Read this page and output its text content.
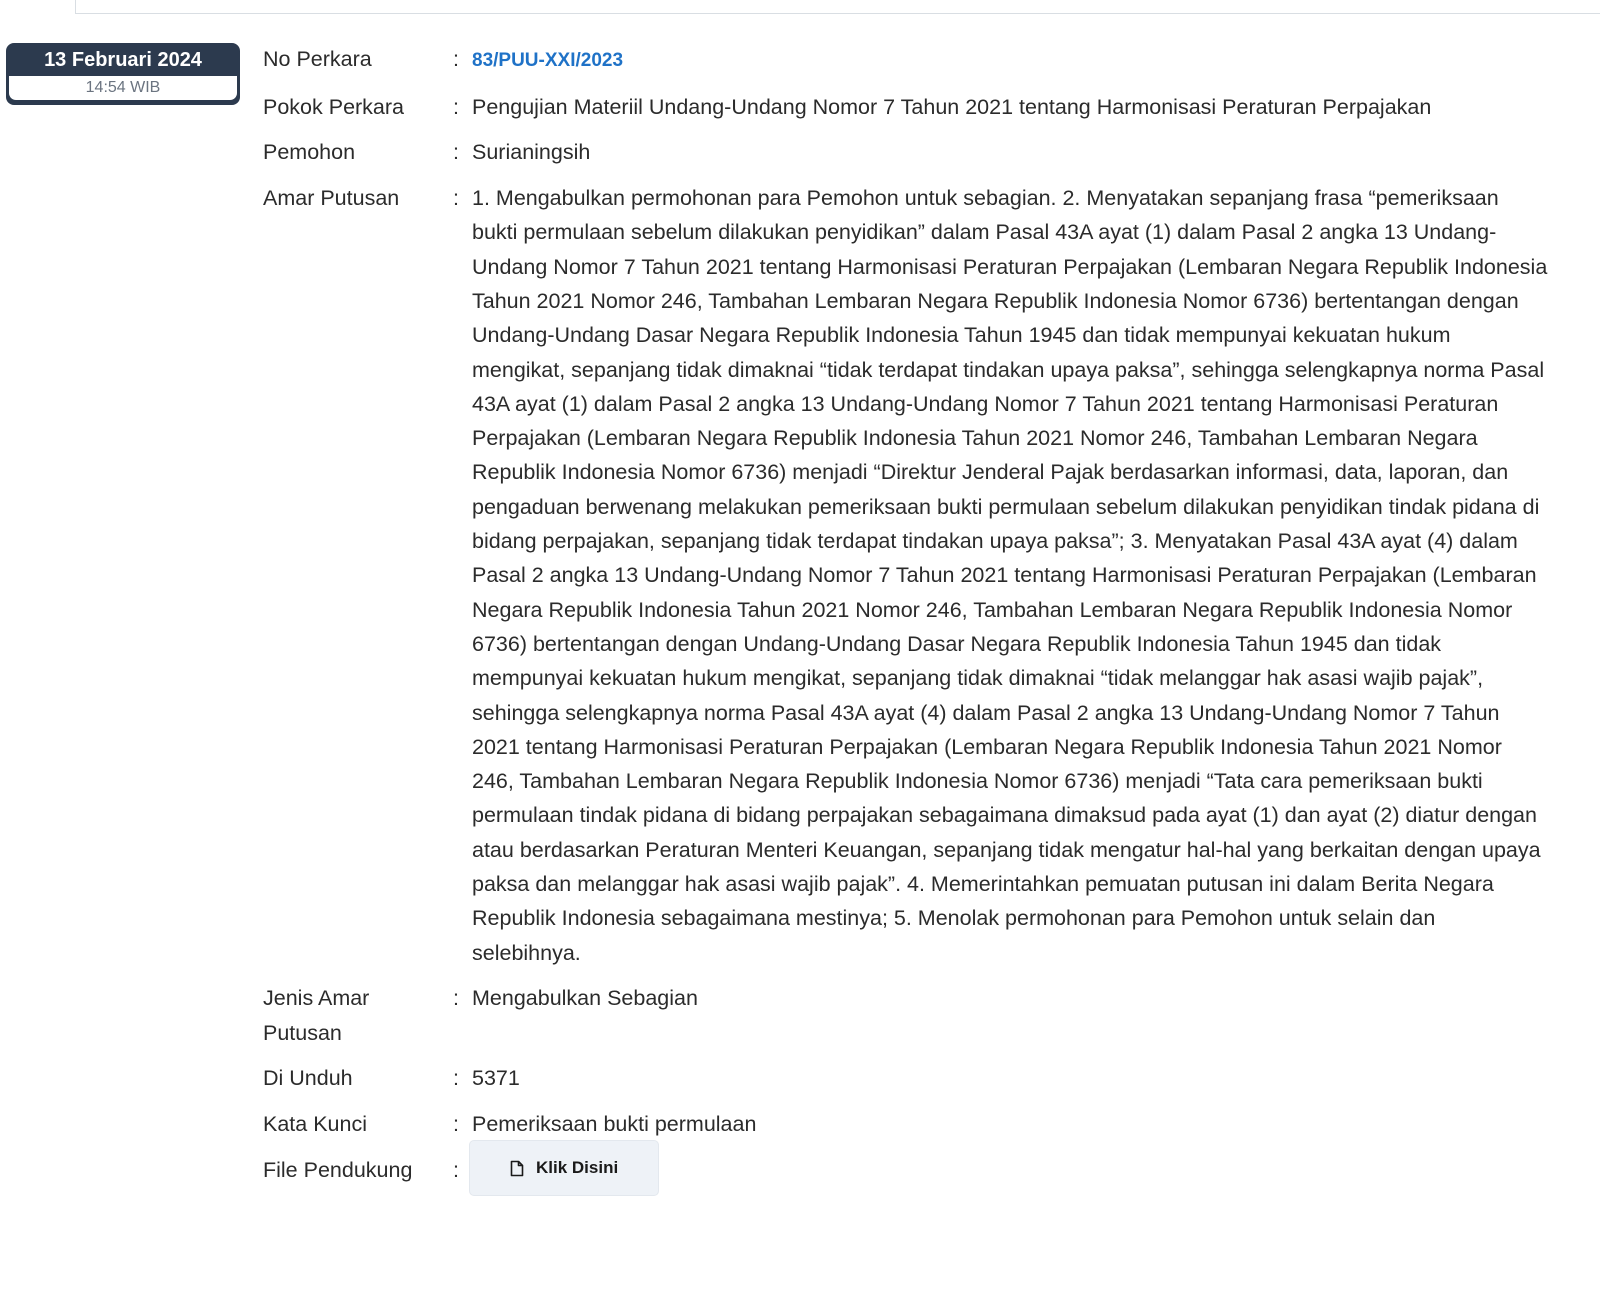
13 Februari 2024
14:54 WIB
No Perkara	: 83/PUU-XXI/2023
Pokok Perkara	: Pengujian Materiil Undang-Undang Nomor 7 Tahun 2021 tentang Harmonisasi Peraturan Perpajakan
Pemohon	: Surianingsih
Amar Putusan	: 1. Mengabulkan permohonan para Pemohon untuk sebagian. 2. Menyatakan sepanjang frasa “pemeriksaan bukti permulaan sebelum dilakukan penyidikan” dalam Pasal 43A ayat (1) dalam Pasal 2 angka 13 Undang-Undang Nomor 7 Tahun 2021 tentang Harmonisasi Peraturan Perpajakan (Lembaran Negara Republik Indonesia Tahun 2021 Nomor 246, Tambahan Lembaran Negara Republik Indonesia Nomor 6736) bertentangan dengan Undang-Undang Dasar Negara Republik Indonesia Tahun 1945 dan tidak mempunyai kekuatan hukum mengikat, sepanjang tidak dimaknai “tidak terdapat tindakan upaya paksa”, sehingga selengkapnya norma Pasal 43A ayat (1) dalam Pasal 2 angka 13 Undang-Undang Nomor 7 Tahun 2021 tentang Harmonisasi Peraturan Perpajakan (Lembaran Negara Republik Indonesia Tahun 2021 Nomor 246, Tambahan Lembaran Negara Republik Indonesia Nomor 6736) menjadi “Direktur Jenderal Pajak berdasarkan informasi, data, laporan, dan pengaduan berwenang melakukan pemeriksaan bukti permulaan sebelum dilakukan penyidikan tindak pidana di bidang perpajakan, sepanjang tidak terdapat tindakan upaya paksa”; 3. Menyatakan Pasal 43A ayat (4) dalam Pasal 2 angka 13 Undang-Undang Nomor 7 Tahun 2021 tentang Harmonisasi Peraturan Perpajakan (Lembaran Negara Republik Indonesia Tahun 2021 Nomor 246, Tambahan Lembaran Negara Republik Indonesia Nomor 6736) bertentangan dengan Undang-Undang Dasar Negara Republik Indonesia Tahun 1945 dan tidak mempunyai kekuatan hukum mengikat, sepanjang tidak dimaknai “tidak melanggar hak asasi wajib pajak”, sehingga selengkapnya norma Pasal 43A ayat (4) dalam Pasal 2 angka 13 Undang-Undang Nomor 7 Tahun 2021 tentang Harmonisasi Peraturan Perpajakan (Lembaran Negara Republik Indonesia Tahun 2021 Nomor 246, Tambahan Lembaran Negara Republik Indonesia Nomor 6736) menjadi “Tata cara pemeriksaan bukti permulaan tindak pidana di bidang perpajakan sebagaimana dimaksud pada ayat (1) dan ayat (2) diatur dengan atau berdasarkan Peraturan Menteri Keuangan, sepanjang tidak mengatur hal-hal yang berkaitan dengan upaya paksa dan melanggar hak asasi wajib pajak”. 4. Memerintahkan pemuatan putusan ini dalam Berita Negara Republik Indonesia sebagaimana mestinya; 5. Menolak permohonan para Pemohon untuk selain dan selebihnya.
Jenis Amar Putusan
: Mengabulkan Sebagian
Di Unduh	: 5371
Kata Kunci	: Pemeriksaan bukti permulaan
File Pendukung	:	Klik Disini
